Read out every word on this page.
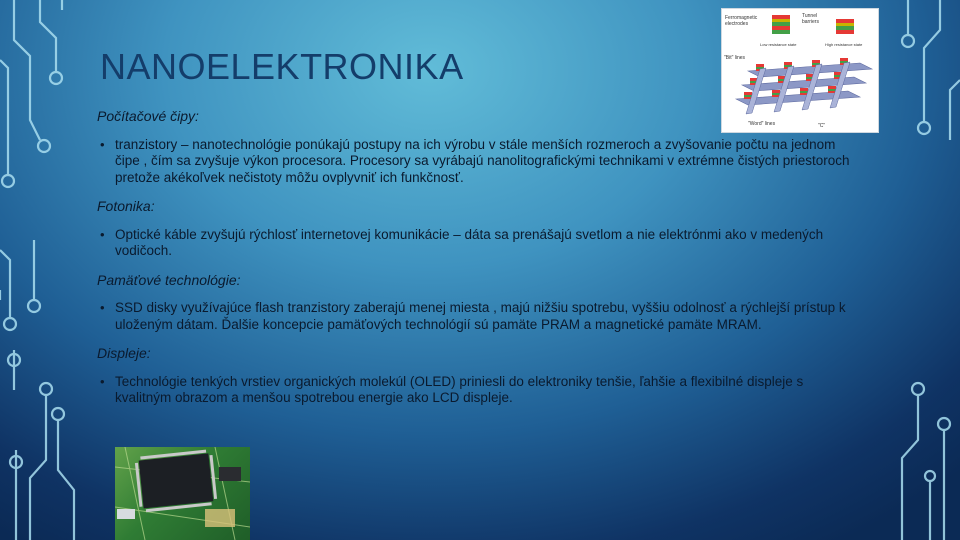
NANOELEKTRONIKA
Ferromagnetic
electrodes
Tunnel
barriers
Low resistance state	High resistance state
"Bit" lines
"Word" lines	"C"
Počítačové čipy:
• tranzistory – nanotechnológie ponúkajú postupy na ich výrobu v stále menších rozmeroch a zvyšovanie počtu na jednom čipe , čím sa zvyšuje výkon procesora. Procesory sa vyrábajú nanolitografickými technikami v extrémne čistých priestoroch pretože akékoľvek nečistoty môžu ovplyvniť ich funkčnosť.
Fotonika:
• Optické káble zvyšujú rýchlosť internetovej komunikácie – dáta sa prenášajú svetlom a nie elektrónmi ako v medených vodičoch.
Pamäťové technológie:
• SSD disky využívajúce flash tranzistory zaberajú menej miesta , majú nižšiu spotrebu, vyššiu odolnosť a rýchlejší prístup k uloženým dátam. Ďalšie koncepcie pamäťových technológií sú pamäte PRAM a magnetické pamäte MRAM.
Displeje:
• Technológie tenkých vrstiev organických molekúl (OLED) priniesli do elektroniky tenšie, ľahšie a flexibilné displeje s kvalitným obrazom a menšou spotrebou energie ako LCD displeje.
